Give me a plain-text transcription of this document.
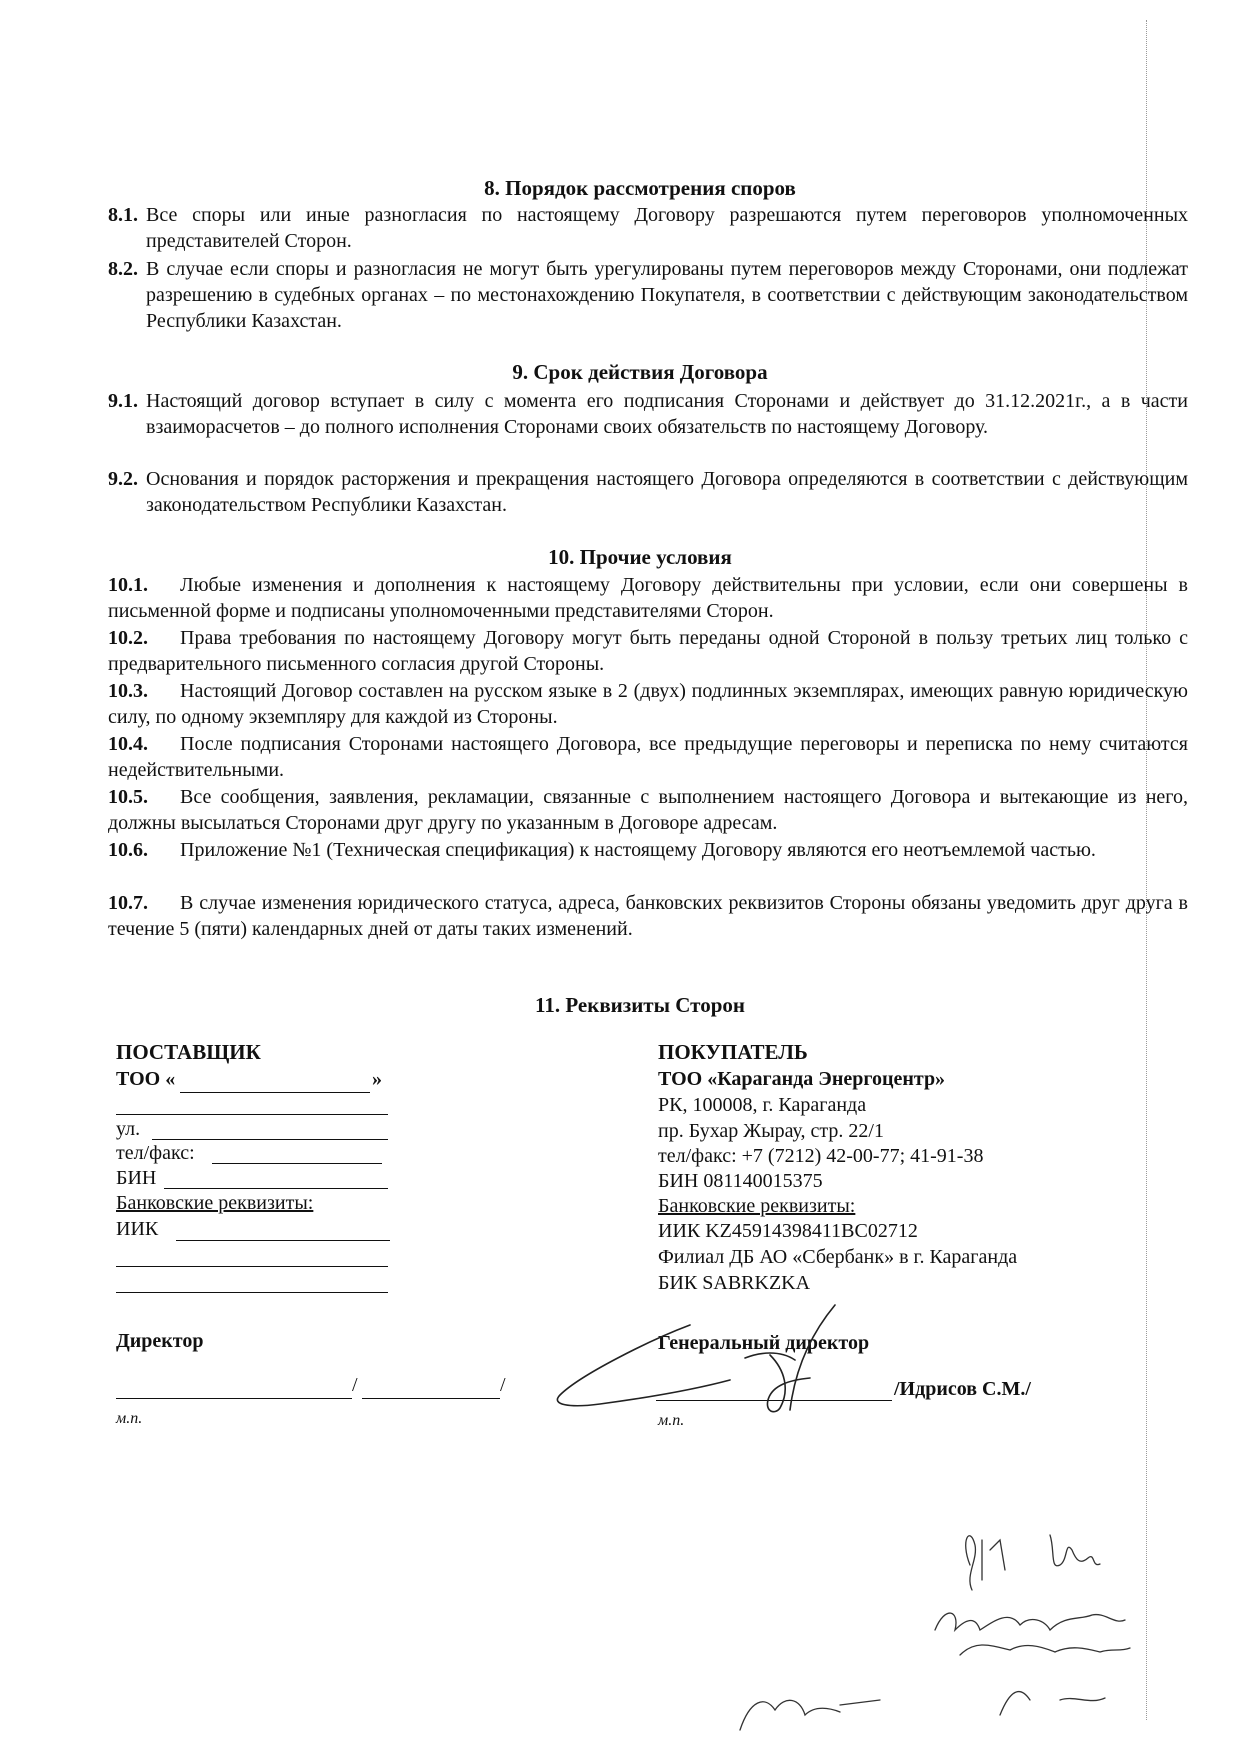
8. Порядок рассмотрения споров
8.1. Все споры или иные разногласия по настоящему Договору разрешаются путем переговоров уполномоченных представителей Сторон.
8.2. В случае если споры и разногласия не могут быть урегулированы путем переговоров между Сторонами, они подлежат разрешению в судебных органах – по местонахождению Покупателя, в соответствии с действующим законодательством Республики Казахстан.
9. Срок действия Договора
9.1. Настоящий договор вступает в силу с момента его подписания Сторонами и действует до 31.12.2021г., а в части взаиморасчетов – до полного исполнения Сторонами своих обязательств по настоящему Договору.
9.2. Основания и порядок расторжения и прекращения настоящего Договора определяются в соответствии с действующим законодательством Республики Казахстан.
10. Прочие условия
10.1.	Любые изменения и дополнения к настоящему Договору действительны при условии, если они совершены в письменной форме и подписаны уполномоченными представителями Сторон.
10.2.	Права требования по настоящему Договору могут быть переданы одной Стороной в пользу третьих лиц только с предварительного письменного согласия другой Стороны.
10.3.	Настоящий Договор составлен на русском языке в 2 (двух) подлинных экземплярах, имеющих равную юридическую силу, по одному экземпляру для каждой из Стороны.
10.4.	После подписания Сторонами настоящего Договора, все предыдущие переговоры и переписка по нему считаются недействительными.
10.5.	Все сообщения, заявления, рекламации, связанные с выполнением настоящего Договора и вытекающие из него, должны высылаться Сторонами друг другу по указанным в Договоре адресам.
10.6.	Приложение №1 (Техническая спецификация) к настоящему Договору являются его неотъемлемой частью.
10.7.	В случае изменения юридического статуса, адреса, банковских реквизитов Стороны обязаны уведомить друг друга в течение 5 (пяти) календарных дней от даты таких изменений.
11. Реквизиты Сторон
ПОСТАВЩИК
ТОО «	»
ул.
тел/факс:
БИН
Банковские реквизиты:
ИИК
Директор
/	/
м.п.
ПОКУПАТЕЛЬ
ТОО «Караганда Энергоцентр»
РК, 100008, г. Караганда
пр. Бухар Жырау, стр. 22/1
тел/факс: +7 (7212) 42-00-77; 41-91-38
БИН 081140015375
Банковские реквизиты:
ИИК KZ45914398411BC02712
Филиал ДБ АО «Сбербанк» в г. Караганда
БИК SABRKZKA
Генеральный директор
/Идрисов С.М./
м.п.
